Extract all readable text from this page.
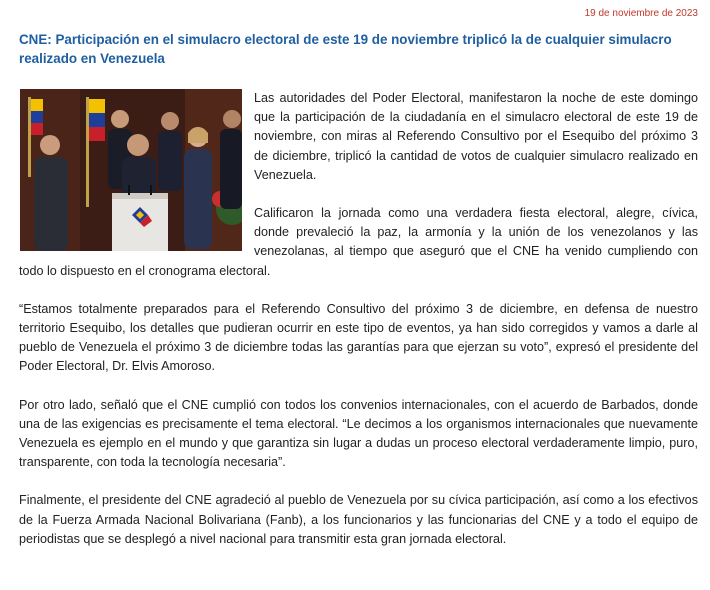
19 de noviembre de 2023
CNE: Participación en el simulacro electoral de este 19 de noviembre triplicó la de cualquier simulacro realizado en Venezuela

Las autoridades del Poder Electoral, manifestaron la noche de este domingo que la participación de la ciudadanía en el simulacro electoral de este 19 de noviembre, con miras al Referendo Consultivo por el Esequibo del próximo 3 de diciembre, triplicó la cantidad de votos de cualquier simulacro realizado en Venezuela.

Calificaron la jornada como una verdadera fiesta electoral, alegre, cívica, donde prevaleció la paz, la armonía y la unión de los venezolanos y las venezolanas, al tiempo que aseguró que el CNE ha venido cumpliendo con todo lo dispuesto en el cronograma electoral.

“Estamos totalmente preparados para el Referendo Consultivo del próximo 3 de diciembre, en defensa de nuestro territorio Esequibo, los detalles que pudieran ocurrir en este tipo de eventos, ya han sido corregidos y vamos a darle al pueblo de Venezuela el próximo 3 de diciembre todas las garantías para que ejerzan su voto”, expresó el presidente del Poder Electoral, Dr. Elvis Amoroso.

Por otro lado, señaló que el CNE cumplió con todos los convenios internacionales, con el acuerdo de Barbados, donde una de las exigencias es precisamente el tema electoral. “Le decimos a los organismos internacionales que nuevamente Venezuela es ejemplo en el mundo y que garantiza sin lugar a dudas un proceso electoral verdaderamente limpio, puro, transparente, con toda la tecnología necesaria”.

Finalmente, el presidente del CNE agradeció al pueblo de Venezuela por su cívica participación, así como a los efectivos de la Fuerza Armada Nacional Bolivariana (Fanb), a los funcionarios y las funcionarias del CNE y a todo el equipo de periodistas que se desplegó a nivel nacional para transmitir esta gran jornada electoral.
